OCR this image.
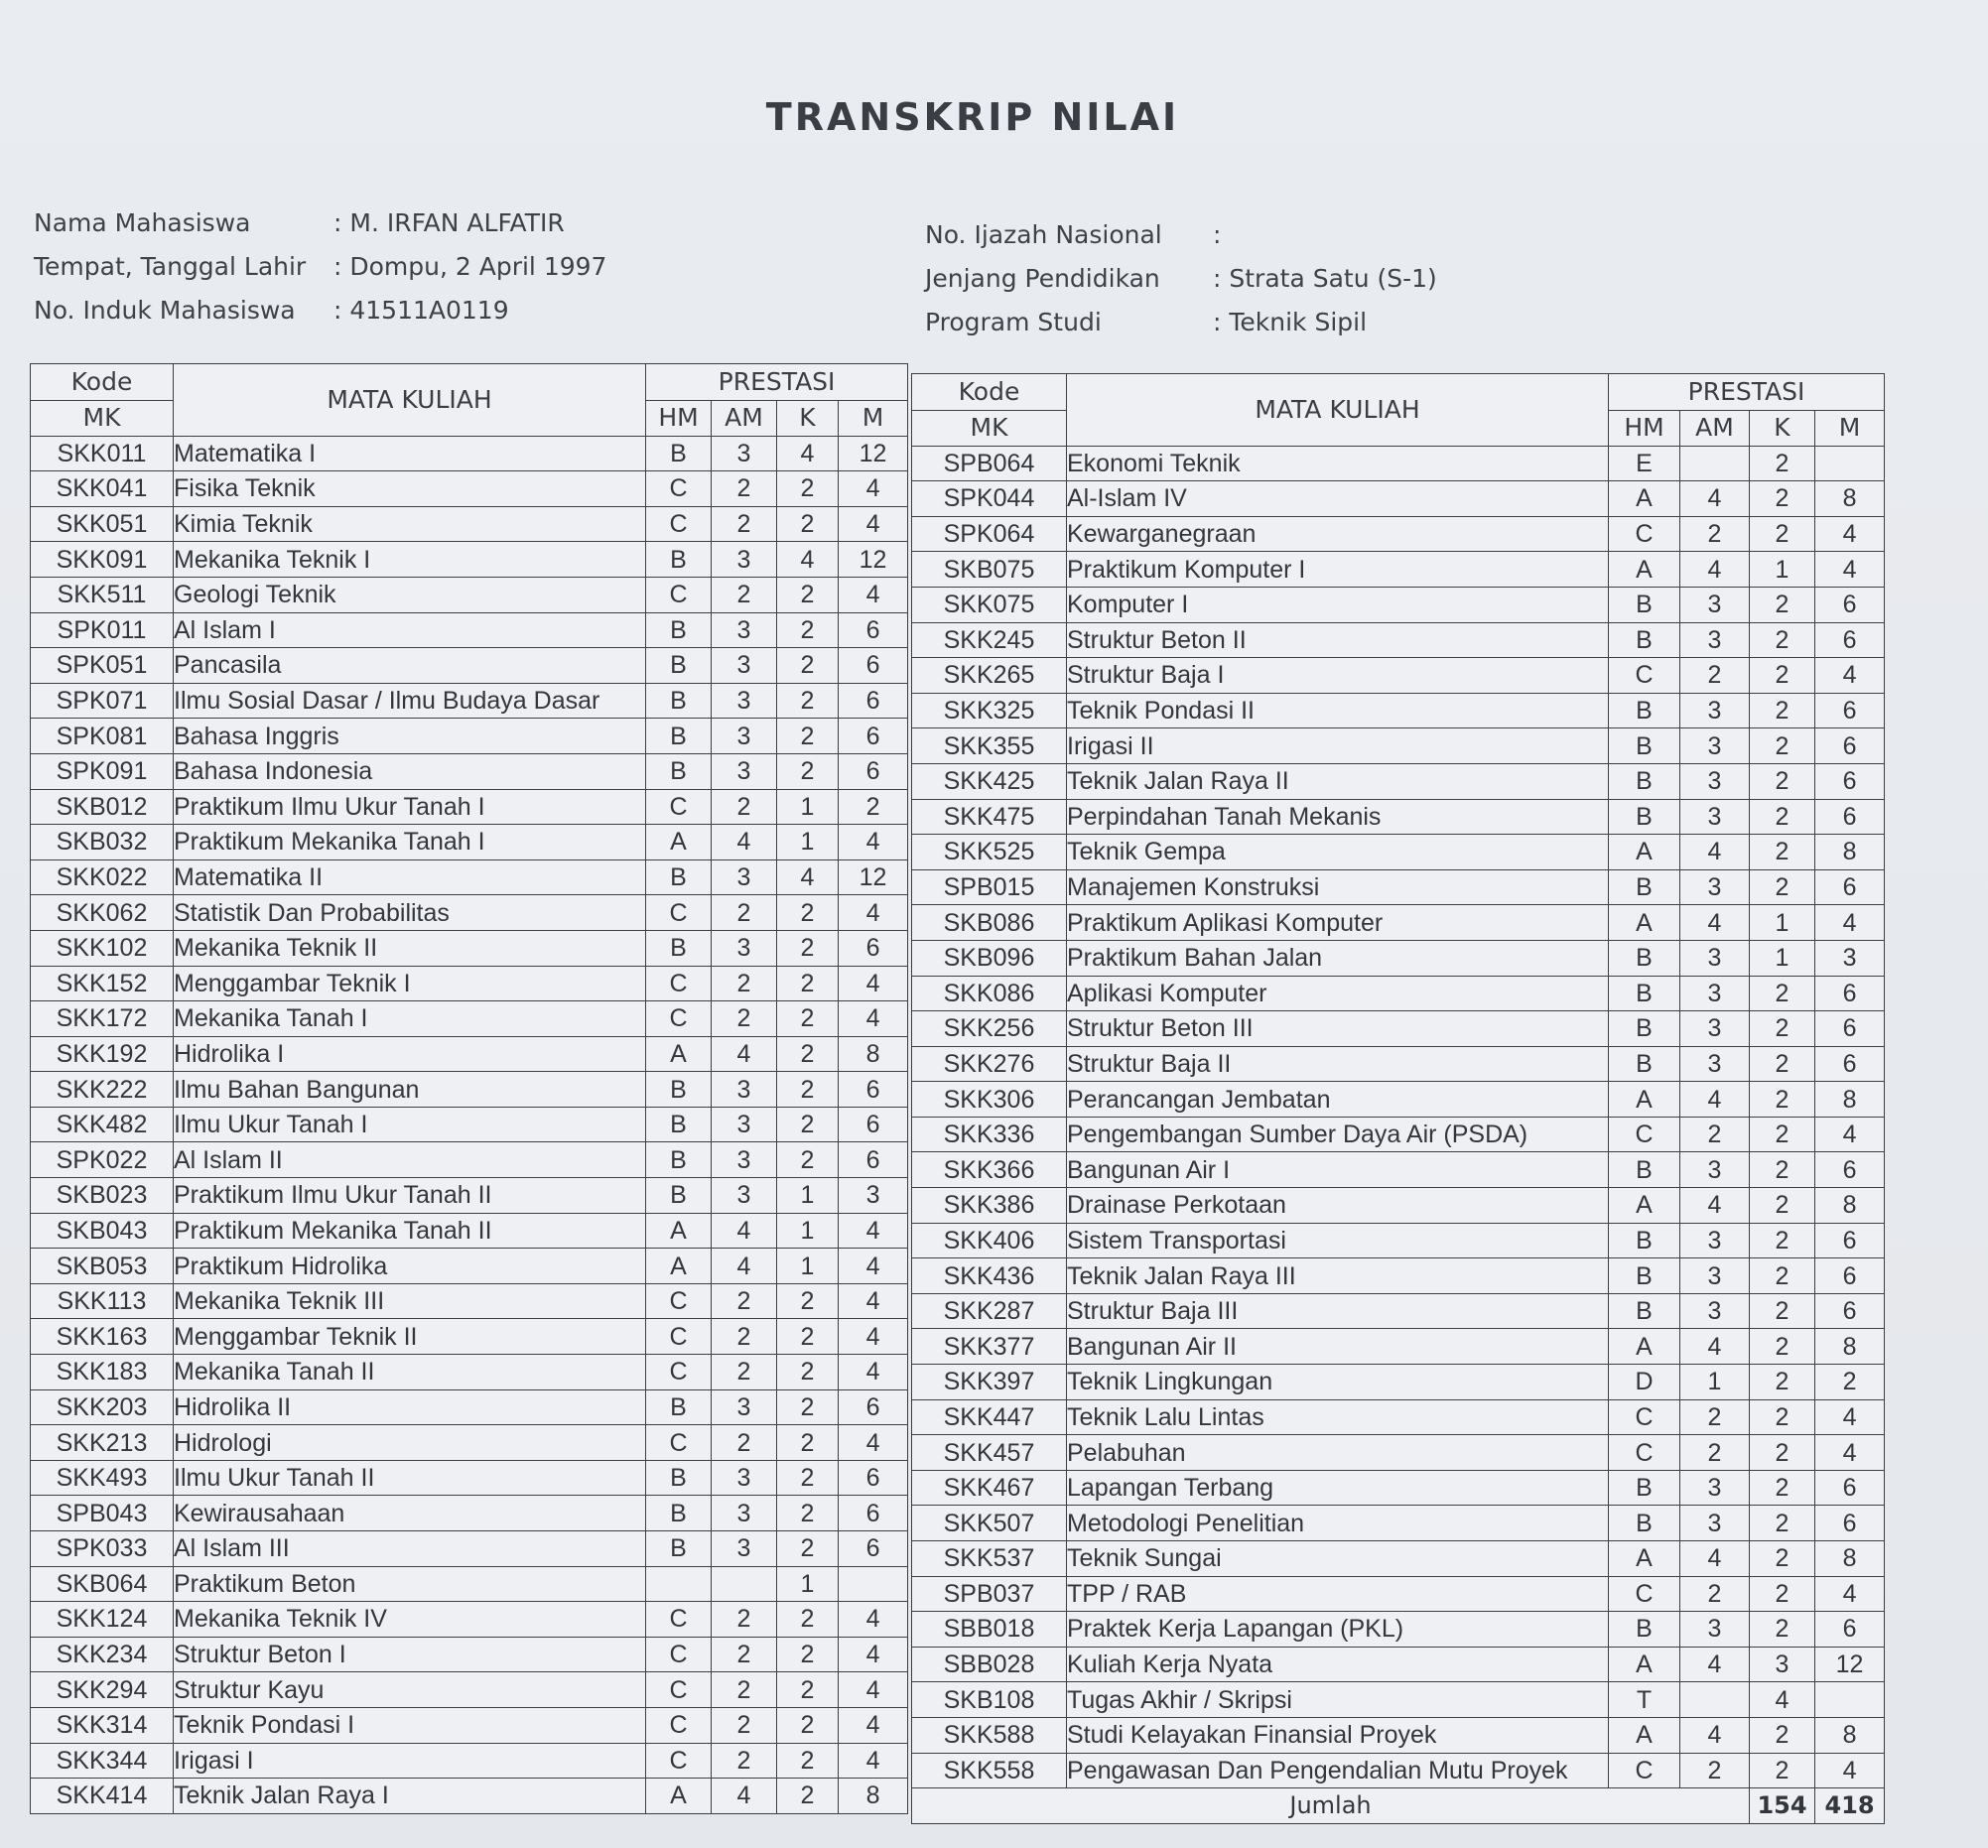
TRANSKRIP NILAI
Nama Mahasiswa	: M. IRFAN ALFATIR
Tempat, Tanggal Lahir	: Dompu, 2 April 1997
No. Induk Mahasiswa	: 41511A0119
No. Ijazah Nasional	:
Jenjang Pendidikan	: Strata Satu (S-1)
Program Studi	: Teknik Sipil
Kode	MATA KULIAH	PRESTASI			
MK		HM	AM	K	M
SKK011	Matematika I	B	3	4	12
SKK041	Fisika Teknik	C	2	2	4
SKK051	Kimia Teknik	C	2	2	4
SKK091	Mekanika Teknik I	B	3	4	12
SKK511	Geologi Teknik	C	2	2	4
SPK011	Al Islam I	B	3	2	6
SPK051	Pancasila	B	3	2	6
SPK071	Ilmu Sosial Dasar / Ilmu Budaya Dasar	B	3	2	6
SPK081	Bahasa Inggris	B	3	2	6
SPK091	Bahasa Indonesia	B	3	2	6
SKB012	Praktikum Ilmu Ukur Tanah I	C	2	1	2
SKB032	Praktikum Mekanika Tanah I	A	4	1	4
SKK022	Matematika II	B	3	4	12
SKK062	Statistik Dan Probabilitas	C	2	2	4
SKK102	Mekanika Teknik II	B	3	2	6
SKK152	Menggambar Teknik I	C	2	2	4
SKK172	Mekanika Tanah I	C	2	2	4
SKK192	Hidrolika I	A	4	2	8
SKK222	Ilmu Bahan Bangunan	B	3	2	6
SKK482	Ilmu Ukur Tanah I	B	3	2	6
SPK022	Al Islam II	B	3	2	6
SKB023	Praktikum Ilmu Ukur Tanah II	B	3	1	3
SKB043	Praktikum Mekanika Tanah II	A	4	1	4
SKB053	Praktikum Hidrolika	A	4	1	4
SKK113	Mekanika Teknik III	C	2	2	4
SKK163	Menggambar Teknik II	C	2	2	4
SKK183	Mekanika Tanah II	C	2	2	4
SKK203	Hidrolika II	B	3	2	6
SKK213	Hidrologi	C	2	2	4
SKK493	Ilmu Ukur Tanah II	B	3	2	6
SPB043	Kewirausahaan	B	3	2	6
SPK033	Al Islam III	B	3	2	6
SKB064	Praktikum Beton			1	
SKK124	Mekanika Teknik IV	C	2	2	4
SKK234	Struktur Beton I	C	2	2	4
SKK294	Struktur Kayu	C	2	2	4
SKK314	Teknik Pondasi I	C	2	2	4
SKK344	Irigasi I	C	2	2	4
SKK414	Teknik Jalan Raya I	A	4	2	8
Kode	MATA KULIAH	PRESTASI			
MK		HM	AM	K	M
SPB064	Ekonomi Teknik	E		2	
SPK044	Al-Islam IV	A	4	2	8
SPK064	Kewarganegraan	C	2	2	4
SKB075	Praktikum Komputer I	A	4	1	4
SKK075	Komputer I	B	3	2	6
SKK245	Struktur Beton II	B	3	2	6
SKK265	Struktur Baja I	C	2	2	4
SKK325	Teknik Pondasi II	B	3	2	6
SKK355	Irigasi II	B	3	2	6
SKK425	Teknik Jalan Raya II	B	3	2	6
SKK475	Perpindahan Tanah Mekanis	B	3	2	6
SKK525	Teknik Gempa	A	4	2	8
SPB015	Manajemen Konstruksi	B	3	2	6
SKB086	Praktikum Aplikasi Komputer	A	4	1	4
SKB096	Praktikum Bahan Jalan	B	3	1	3
SKK086	Aplikasi Komputer	B	3	2	6
SKK256	Struktur Beton III	B	3	2	6
SKK276	Struktur Baja II	B	3	2	6
SKK306	Perancangan Jembatan	A	4	2	8
SKK336	Pengembangan Sumber Daya Air (PSDA)	C	2	2	4
SKK366	Bangunan Air I	B	3	2	6
SKK386	Drainase Perkotaan	A	4	2	8
SKK406	Sistem Transportasi	B	3	2	6
SKK436	Teknik Jalan Raya III	B	3	2	6
SKK287	Struktur Baja III	B	3	2	6
SKK377	Bangunan Air II	A	4	2	8
SKK397	Teknik Lingkungan	D	1	2	2
SKK447	Teknik Lalu Lintas	C	2	2	4
SKK457	Pelabuhan	C	2	2	4
SKK467	Lapangan Terbang	B	3	2	6
SKK507	Metodologi Penelitian	B	3	2	6
SKK537	Teknik Sungai	A	4	2	8
SPB037	TPP / RAB	C	2	2	4
SBB018	Praktek Kerja Lapangan (PKL)	B	3	2	6
SBB028	Kuliah Kerja Nyata	A	4	3	12
SKB108	Tugas Akhir / Skripsi	T		4	
SKK588	Studi Kelayakan Finansial Proyek	A	4	2	8
SKK558	Pengawasan Dan Pengendalian Mutu Proyek	C	2	2	4
Jumlah				154	418
